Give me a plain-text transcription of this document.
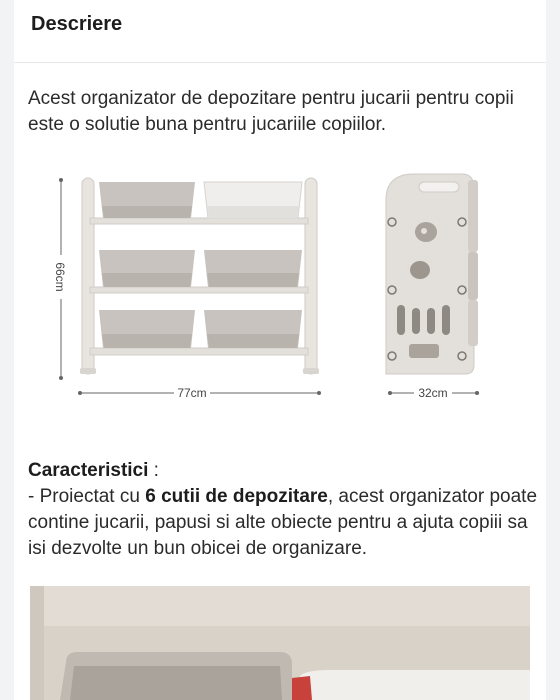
Descriere
Acest organizator de depozitare pentru jucarii pentru copii este o solutie buna pentru jucariile copiilor.
66cm
77cm	32cm
Caracteristici :
- Proiectat cu 6 cutii de depozitare, acest organizator poate contine jucarii, papusi si alte obiecte pentru a ajuta copiii sa isi dezvolte un bun obicei de organizare.
